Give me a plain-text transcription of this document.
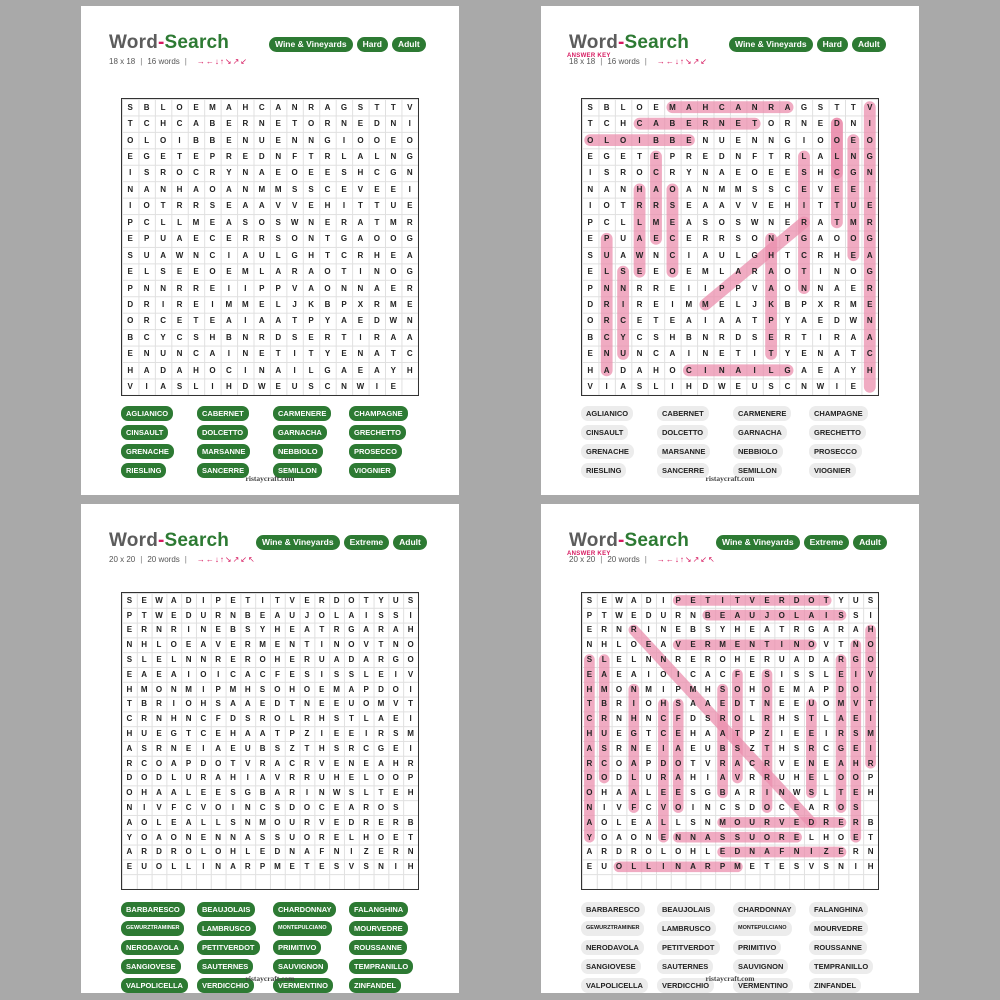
Word-Search	Wine & Vineyards	Hard	Adult
18 x 18 | 16 words | →←↓↑↘↗↙
S	B	L	O	E	M	A	H	C	A	N	R	A	G	S	T	T	V
T	C	H	C	A	B	E	R	N	E	T	O	R	N	E	D	N	I
O	L	O	I	B	B	E	N	U	E	N	N	G	I	O	O	E	O
E	G	E	T	E	P	R	E	D	N	F	T	R	L	A	L	N	G
I	S	R	O	C	R	Y	N	A	E	O	E	E	S	H	C	G	N
N	A	N	H	A	O	A	N	M	M	S	S	C	E	V	E	E	I
I	O	T	R	R	S	E	A	A	V	V	E	H	I	T	T	U	E
P	C	L	L	M	E	A	S	O	S	W	N	E	R	A	T	M	R
E	P	U	A	E	C	E	R	R	S	O	N	T	G	A	O	O	G
S	U	A	W	N	C	I	A	U	L	G	H	T	C	R	H	E	A
E	L	S	E	E	O	E	M	L	A	R	A	O	T	I	N	O	G
P	N	N	R	R	E	I	I	P	P	V	A	O	N	N	A	E	R
D	R	I	R	E	I	M	M	E	L	J	K	B	P	X	R	M	E
O	R	C	E	T	E	A	I	A	A	T	P	Y	A	E	D	W	N
B	C	Y	C	S	H	B	N	R	D	S	E	R	T	I	R	A	A
E	N	U	N	C	A	I	N	E	T	I	T	Y	E	N	A	T	C
H	A	D	A	H	O	C	I	N	A	I	L	G	A	E	A	Y	H
V	I	A	S	L	I	H	D	W	E	U	S	C	N	W	I	E
AGLIANICO	CABERNET	CARMENERE	CHAMPAGNE
CINSAULT	DOLCETTO	GARNACHA	GRECHETTO
GRENACHE	MARSANNE	NEBBIOLO	PROSECCO
RIESLING	SANCERRE	SEMILLON	VIOGNIER
ristaycraft.com
Word-Search
ANSWER KEY
Wine & Vineyards	Hard	Adult
18 x 18 | 16 words | →←↓↑↘↗↙
S	B	L	O	E	M	A	H	C	A	N	R	A	G	S	T	T	V
T	C	H	C	A	B	E	R	N	E	T	O	R	N	E	D	N	I
O	L	O	I	B	B	E	N	U	E	N	N	G	I	O	O	E	O
E	G	E	T	E	P	R	E	D	N	F	T	R	L	A	L	N	G
I	S	R	O	C	R	Y	N	A	E	O	E	E	S	H	C	G	N
N	A	N	H	A	O	A	N	M	M	S	S	C	E	V	E	E	I
I	O	T	R	R	S	E	A	A	V	V	E	H	I	T	T	U	E
P	C	L	L	M	E	A	S	O	S	W	N	E	R	A	T	M	R
E	P	U	A	E	C	E	R	R	S	O	N	T	G	A	O	O	G
S	U	A	W	N	C	I	A	U	L	G	H	T	C	R	H	E	A
E	L	S	E	E	O	E	M	L	A	R	A	O	T	I	N	O	G
P	N	N	R	R	E	I	I	P	P	V	A	O	N	N	A	E	R
D	R	I	R	E	I	M	M	E	L	J	K	B	P	X	R	M	E
O	R	C	E	T	E	A	I	A	A	T	P	Y	A	E	D	W	N
B	C	Y	C	S	H	B	N	R	D	S	E	R	T	I	R	A	A
E	N	U	N	C	A	I	N	E	T	I	T	Y	E	N	A	T	C
H	A	D	A	H	O	C	I	N	A	I	L	G	A	E	A	Y	H
V	I	A	S	L	I	H	D	W	E	U	S	C	N	W	I	E
AGLIANICO	CABERNET	CARMENERE	CHAMPAGNE
CINSAULT	DOLCETTO	GARNACHA	GRECHETTO
GRENACHE	MARSANNE	NEBBIOLO	PROSECCO
RIESLING	SANCERRE	SEMILLON	VIOGNIER
ristaycraft.com
Word-Search	Wine & Vineyards	Extreme	Adult
20 x 20 | 20 words | →←↓↑↘↗↙↖
S	E	W	A	D	I	P	E	T	I	T	V	E	R	D	O	T	Y	U	S
P	T	W	E	D	U	R	N	B	E	A	U	J	O	L	A	I	S	S	I
E	R	N	R	I	N	E	B	S	Y	H	E	A	T	R	G	A	R	A	H
N	H	L	O	E	A	V	E	R	M	E	N	T	I	N	O	V	T	N	O
S	L	E	L	N	N	R	E	R	O	H	E	R	U	A	D	A	R	G	O
E	A	E	A	I	O	I	C	A	C	F	E	S	I	S	S	L	E	I	V
H	M	O	N	M	I	P	M	H	S	O	H	O	E	M	A	P	D	O	I
T	B	R	I	O	H	S	A	A	E	D	T	N	E	E	U	O	M	V	T
C	R	N	H	N	C	F	D	S	R	O	L	R	H	S	T	L	A	E	I
H	U	E	G	T	C	E	H	A	A	T	P	Z	I	E	E	I	R	S	M
A	S	R	N	E	I	A	E	U	B	S	Z	T	H	S	R	C	G	E	I
R	C	O	A	P	D	O	T	V	R	A	C	R	V	E	N	E	A	H	R
D	O	D	L	U	R	A	H	I	A	V	R	R	U	H	E	L	O	O	P
O	H	A	A	L	E	E	S	G	B	A	R	I	N	W	S	L	T	E	H
N	I	V	F	C	V	O	I	N	C	S	D	O	C	E	A	R	O	S
A	O	L	E	A	L	L	S	N	M	O	U	R	V	E	D	R	E	R	B
Y	O	A	O	N	E	N	N	A	S	S	U	O	R	E	L	H	O	E	T
A	R	D	R	O	L	O	H	L	E	D	N	A	F	N	I	Z	E	R	N
E	U	O	L	L	I	N	A	R	P	M	E	T	E	S	V	S	N	I	H
BARBARESCO	BEAUJOLAIS	CHARDONNAY	FALANGHINA
GEWURZTRAMINER	LAMBRUSCO	MONTEPULCIANO	MOURVEDRE
NERODAVOLA	PETITVERDOT	PRIMITIVO	ROUSSANNE
SANGIOVESE	SAUTERNES	SAUVIGNON	TEMPRANILLO
VALPOLICELLA	VERDICCHIO	VERMENTINO	ZINFANDEL
ristaycraft.com
Word-Search
ANSWER KEY
Wine & Vineyards	Extreme	Adult
20 x 20 | 20 words | →←↓↑↘↗↙↖
S	E	W	A	D	I	P	E	T	I	T	V	E	R	D	O	T	Y	U	S
P	T	W	E	D	U	R	N	B	E	A	U	J	O	L	A	I	S	S	I
E	R	N	R	I	N	E	B	S	Y	H	E	A	T	R	G	A	R	A	H
N	H	L	O	E	A	V	E	R	M	E	N	T	I	N	O	V	T	N	O
S	L	E	L	N	N	R	E	R	O	H	E	R	U	A	D	A	R	G	O
E	A	E	A	I	O	I	C	A	C	F	E	S	I	S	S	L	E	I	V
H	M	O	N	M	I	P	M	H	S	O	H	O	E	M	A	P	D	O	I
T	B	R	I	O	H	S	A	A	E	D	T	N	E	E	U	O	M	V	T
C	R	N	H	N	C	F	D	S	R	O	L	R	H	S	T	L	A	E	I
H	U	E	G	T	C	E	H	A	A	T	P	Z	I	E	E	I	R	S	M
A	S	R	N	E	I	A	E	U	B	S	Z	T	H	S	R	C	G	E	I
R	C	O	A	P	D	O	T	V	R	A	C	R	V	E	N	E	A	H	R
D	O	D	L	U	R	A	H	I	A	V	R	R	U	H	E	L	O	O	P
O	H	A	A	L	E	E	S	G	B	A	R	I	N	W	S	L	T	E	H
N	I	V	F	C	V	O	I	N	C	S	D	O	C	E	A	R	O	S
A	O	L	E	A	L	L	S	N	M	O	U	R	V	E	D	R	E	R	B
Y	O	A	O	N	E	N	N	A	S	S	U	O	R	E	L	H	O	E	T
A	R	D	R	O	L	O	H	L	E	D	N	A	F	N	I	Z	E	R	N
E	U	O	L	L	I	N	A	R	P	M	E	T	E	S	V	S	N	I	H
BARBARESCO	BEAUJOLAIS	CHARDONNAY	FALANGHINA
GEWURZTRAMINER	LAMBRUSCO	MONTEPULCIANO	MOURVEDRE
NERODAVOLA	PETITVERDOT	PRIMITIVO	ROUSSANNE
SANGIOVESE	SAUTERNES	SAUVIGNON	TEMPRANILLO
VALPOLICELLA	VERDICCHIO	VERMENTINO	ZINFANDEL
ristaycraft.com
